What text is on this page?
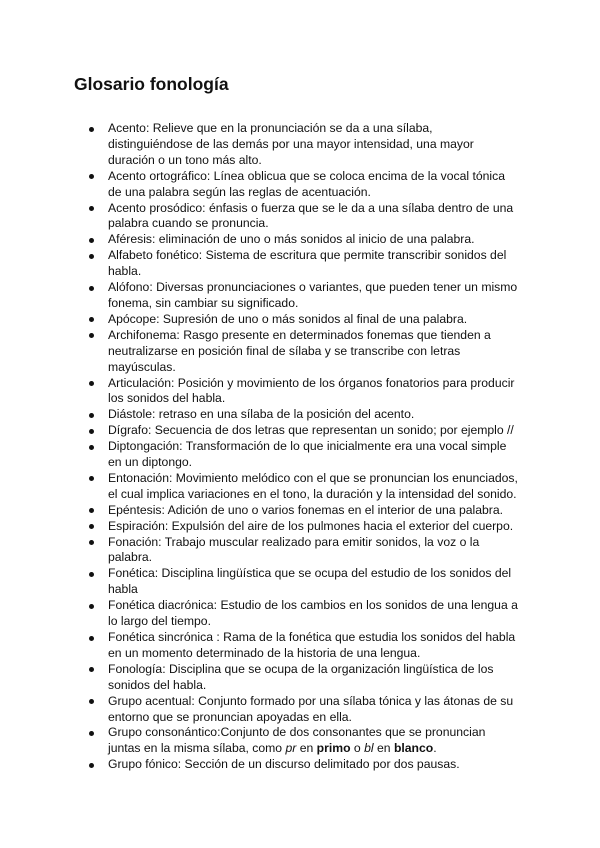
Glosario fonología
Acento: Relieve que en la pronunciación se da a una sílaba, distinguiéndose de las demás por una mayor intensidad, una mayor duración o un tono más alto.
Acento ortográfico: Línea oblicua que se coloca encima de la vocal tónica de una palabra según las reglas de acentuación.
Acento prosódico: énfasis o fuerza que se le da a una sílaba dentro de una palabra cuando se pronuncia.
Aféresis: eliminación de uno o más sonidos al inicio de una palabra.
Alfabeto fonético: Sistema de escritura que permite transcribir sonidos del habla.
Alófono: Diversas pronunciaciones o variantes, que pueden tener un mismo fonema, sin cambiar su significado.
Apócope: Supresión de uno o más sonidos al final de una palabra.
Archifonema: Rasgo presente en determinados fonemas que tienden a neutralizarse en posición final de sílaba y se transcribe con letras mayúsculas.
Articulación: Posición y movimiento de los órganos fonatorios para producir los sonidos del habla.
Diástole: retraso en una sílaba de la posición del acento.
Dígrafo: Secuencia de dos letras que representan un sonido; por ejemplo //
Diptongación: Transformación de lo que inicialmente era una vocal simple en un diptongo.
Entonación: Movimiento melódico con el que se pronuncian los enunciados, el cual implica variaciones en el tono, la duración y la intensidad del sonido.
Epéntesis: Adición de uno o varios fonemas en el interior de una palabra.
Espiración: Expulsión del aire de los pulmones hacia el exterior del cuerpo.
Fonación: Trabajo muscular realizado para emitir sonidos, la voz o la palabra.
Fonética: Disciplina lingüística que se ocupa del estudio de los sonidos del habla
Fonética diacrónica: Estudio de los cambios en los sonidos de una lengua a lo largo del tiempo.
Fonética sincrónica : Rama de la fonética que estudia los sonidos del habla en un momento determinado de la historia de una lengua.
Fonología: Disciplina que se ocupa de la organización lingüística de los sonidos del habla.
Grupo acentual: Conjunto formado por una sílaba tónica y las átonas de su entorno que se pronuncian apoyadas en ella.
Grupo consonántico:Conjunto de dos consonantes que se pronuncian juntas en la misma sílaba, como pr en primo o bl en blanco.
Grupo fónico: Sección de un discurso delimitado por dos pausas.
